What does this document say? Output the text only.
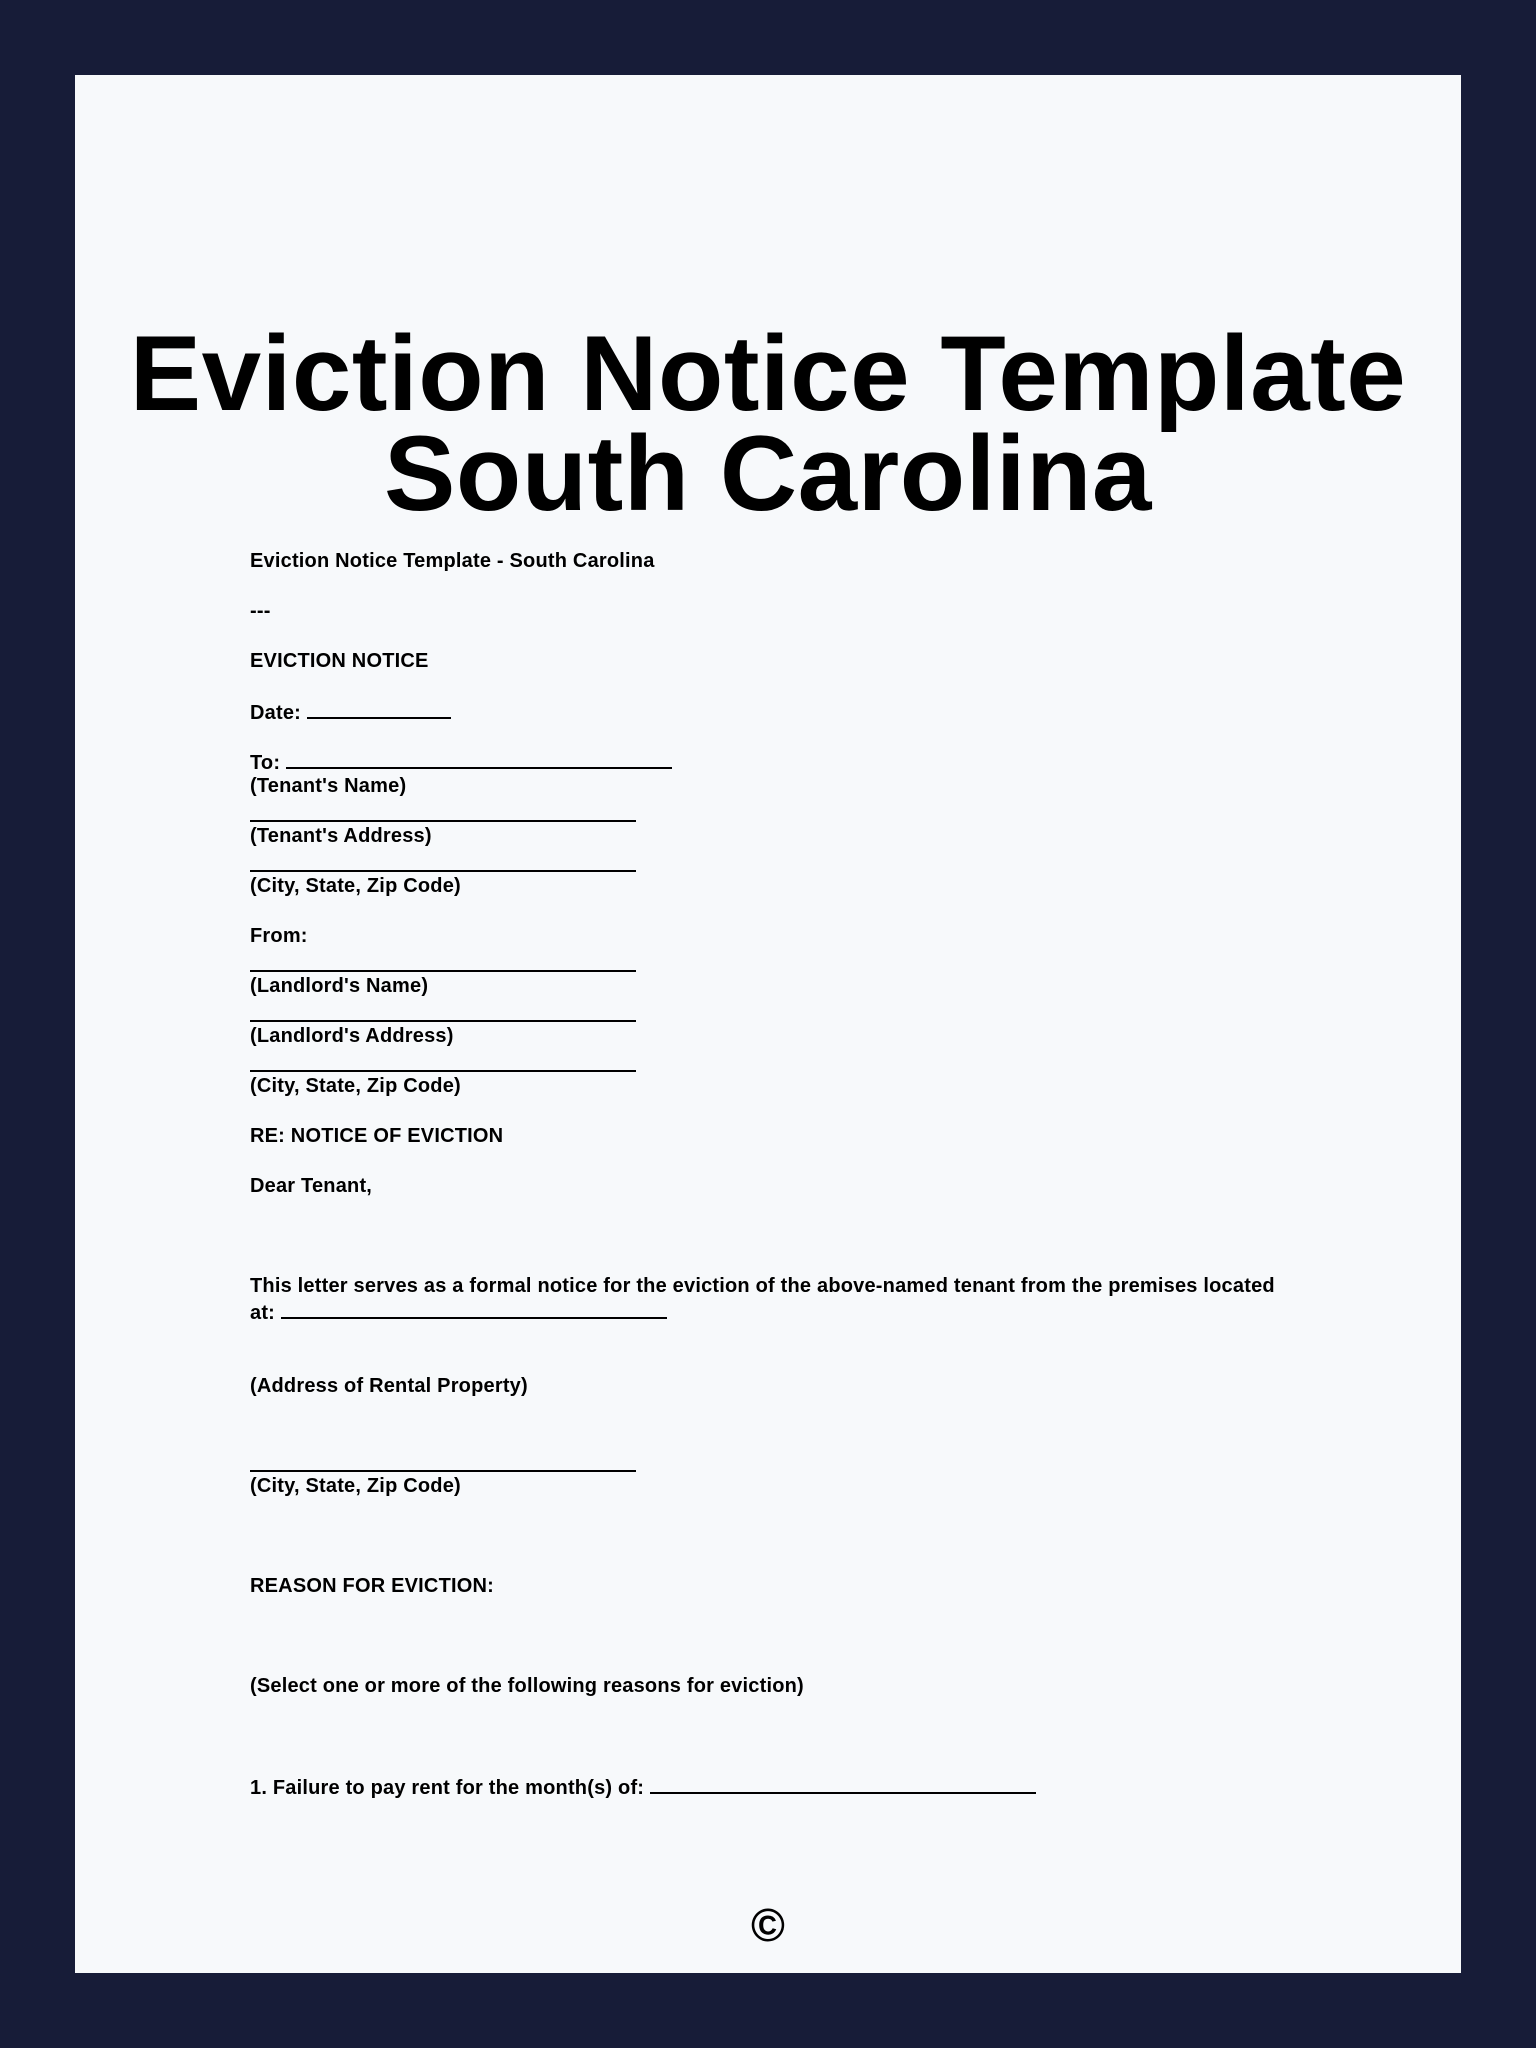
Eviction Notice Template
South Carolina
Eviction Notice Template - South Carolina
---
EVICTION NOTICE
Date:
To:
(Tenant's Name)
(Tenant's Address)
(City, State, Zip Code)
From:
(Landlord's Name)
(Landlord's Address)
(City, State, Zip Code)
RE: NOTICE OF EVICTION
Dear Tenant,
This letter serves as a formal notice for the eviction of the above-named tenant from the premises located
at:
(Address of Rental Property)
(City, State, Zip Code)
REASON FOR EVICTION:
(Select one or more of the following reasons for eviction)
1. Failure to pay rent for the month(s) of:
©
